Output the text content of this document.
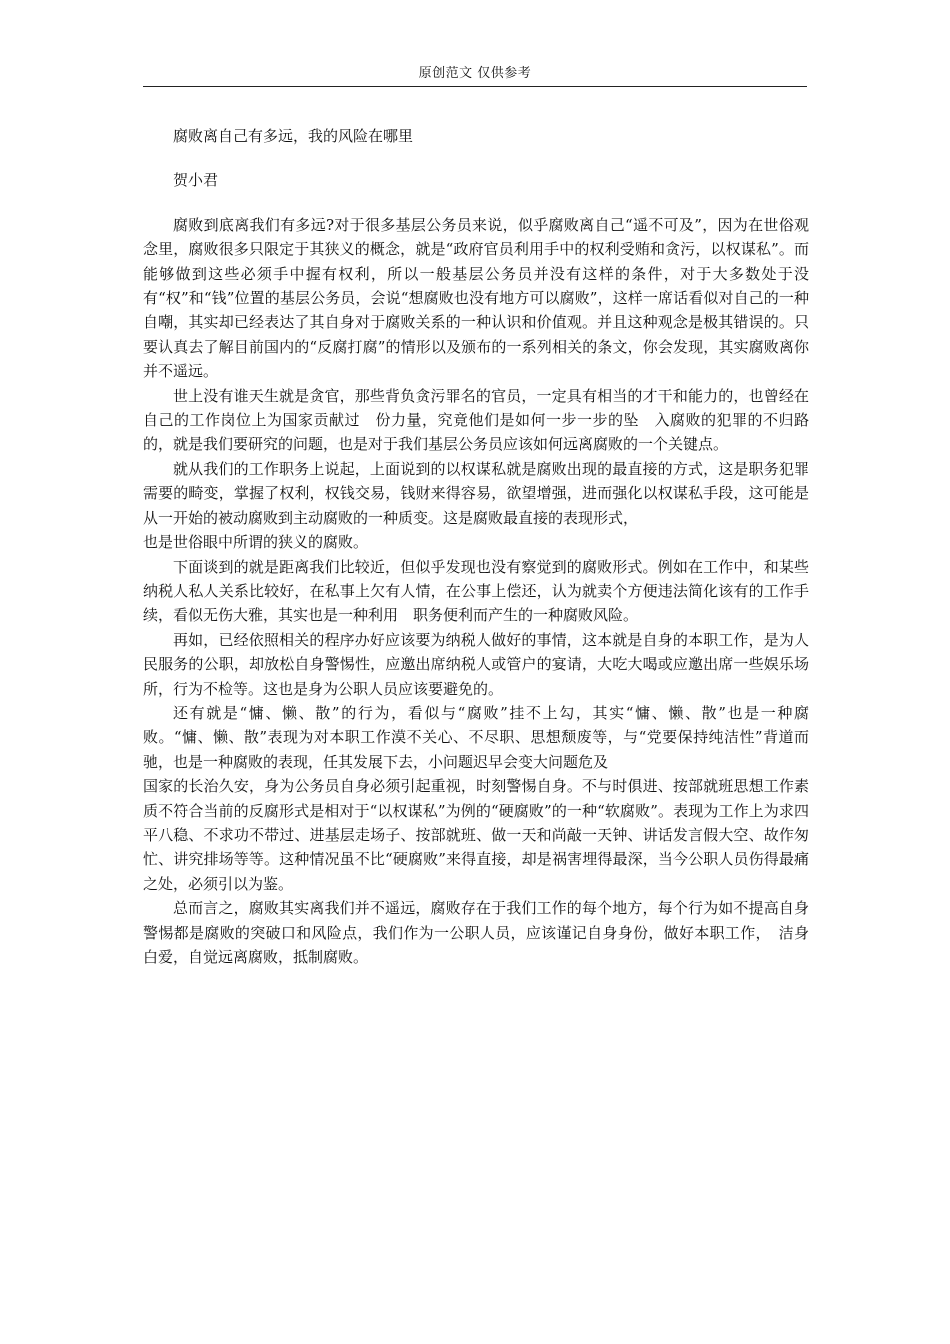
原创范文 仅供参考

腐败离自己有多远，我的风险在哪里

贺小君

腐败到底离我们有多远?对于很多基层公务员来说，似乎腐败离自己“遥不可及”，因为在世俗观念里，腐败很多只限定于其狭义的概念，就是“政府官员利用手中的权利受贿和贪污，以权谋私”。而能够做到这些必须手中握有权利，所以一般基层公务员并没有这样的条件，对于大多数处于没有“权”和“钱”位置的基层公务员，会说“想腐败也没有地方可以腐败”，这样一席话看似对自己的一种自嘲，其实却已经表达了其自身对于腐败关系的一种认识和价值观。并且这种观念是极其错误的。只要认真去了解目前国内的“反腐打腐”的情形以及颁布的一系列相关的条文，你会发现，其实腐败离你并不遥远。

世上没有谁天生就是贪官，那些背负贪污罪名的官员，一定具有相当的才干和能力的，也曾经在自己的工作岗位上为国家贡献过　份力量，究竟他们是如何一步一步的坠　入腐败的犯罪的不归路的，就是我们要研究的问题，也是对于我们基层公务员应该如何远离腐败的一个关键点。

就从我们的工作职务上说起，上面说到的以权谋私就是腐败出现的最直接的方式，这是职务犯罪需要的畸变，掌握了权利，权钱交易，钱财来得容易，欲望增强，进而强化以权谋私手段，这可能是从一开始的被动腐败到主动腐败的一种质变。这是腐败最直接的表现形式，

也是世俗眼中所谓的狭义的腐败。

下面谈到的就是距离我们比较近，但似乎发现也没有察觉到的腐败形式。例如在工作中，和某些纳税人私人关系比较好，在私事上欠有人情，在公事上偿还，认为就卖个方便违法简化该有的工作手续，看似无伤大雅，其实也是一种利用　职务便利而产生的一种腐败风险。

再如，已经依照相关的程序办好应该要为纳税人做好的事情，这本就是自身的本职工作，是为人民服务的公职，却放松自身警惕性，应邀出席纳税人或管户的宴请，大吃大喝或应邀出席一些娱乐场所，行为不检等。这也是身为公职人员应该要避免的。

还有就是“慵、懒、散”的行为，看似与“腐败”挂不上勾，其实“慵、懒、散”也是一种腐败。“慵、懒、散”表现为对本职工作漠不关心、不尽职、思想颓废等，与“党要保持纯洁性”背道而驰，也是一种腐败的表现，任其发展下去，小问题迟早会变大问题危及

国家的长治久安，身为公务员自身必须引起重视，时刻警惕自身。不与时俱进、按部就班思想工作素质不符合当前的反腐形式是相对于“以权谋私”为例的“硬腐败”的一种“软腐败”。表现为工作上为求四平八稳、不求功不带过、进基层走场子、按部就班、做一天和尚敲一天钟、讲话发言假大空、故作匆忙、讲究排场等等。这种情况虽不比“硬腐败”来得直接，却是祸害埋得最深，当今公职人员伤得最痛之处，必须引以为鉴。

总而言之，腐败其实离我们并不遥远，腐败存在于我们工作的每个地方，每个行为如不提高自身警惕都是腐败的突破口和风险点，我们作为一公职人员，应该谨记自身身份，做好本职工作，　洁身白爱，自觉远离腐败，抵制腐败。
